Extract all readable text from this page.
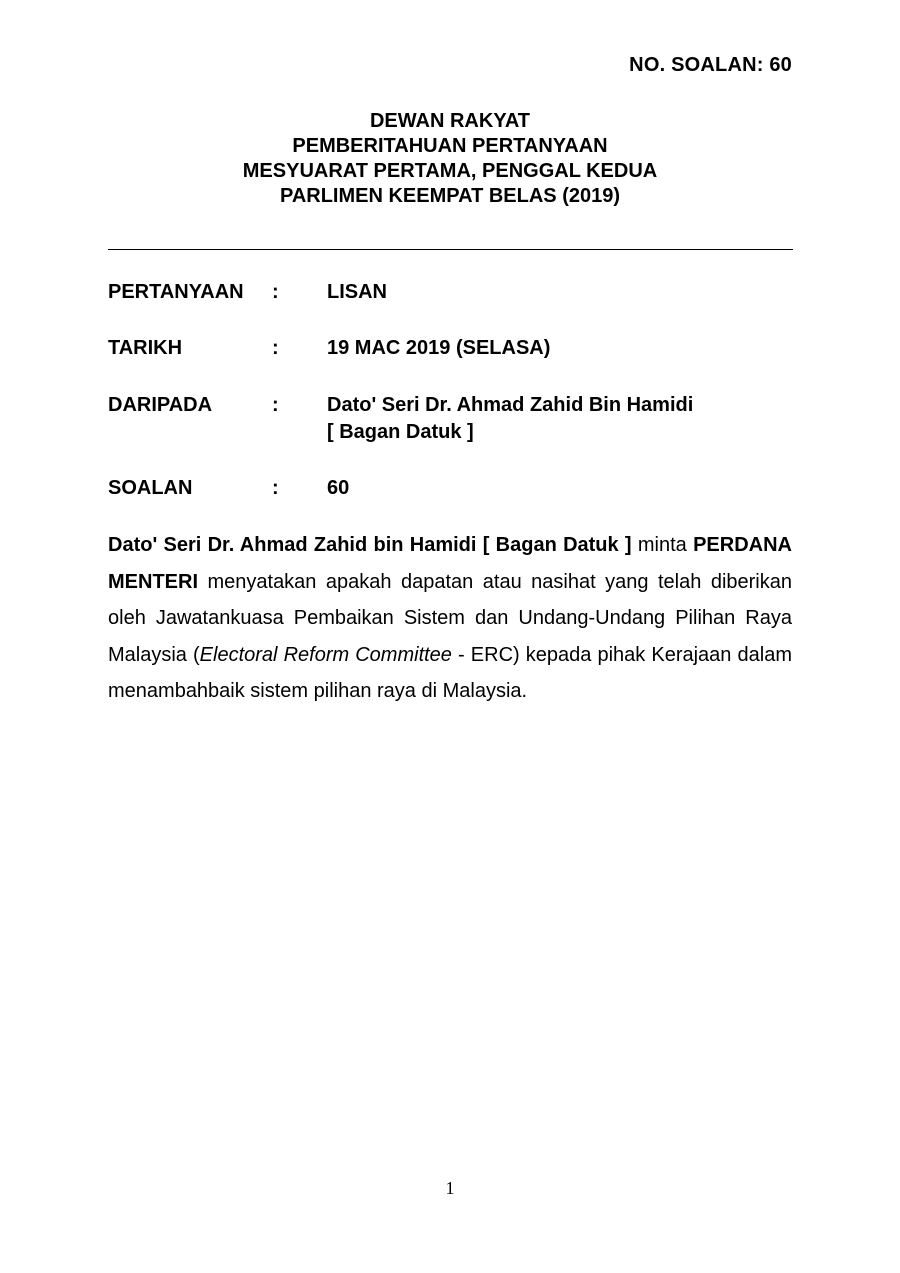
NO. SOALAN: 60
DEWAN RAKYAT
PEMBERITAHUAN PERTANYAAN
MESYUARAT PERTAMA, PENGGAL KEDUA
PARLIMEN KEEMPAT BELAS (2019)
PERTANYAAN : LISAN
TARIKH	: 19 MAC 2019 (SELASA)
DARIPADA	: Dato' Seri Dr. Ahmad Zahid Bin Hamidi
[ Bagan Datuk ]
SOALAN	: 60
Dato' Seri Dr. Ahmad Zahid bin Hamidi [ Bagan Datuk ] minta PERDANA MENTERI menyatakan apakah dapatan atau nasihat yang telah diberikan oleh Jawatankuasa Pembaikan Sistem dan Undang-Undang Pilihan Raya Malaysia (Electoral Reform Committee - ERC) kepada pihak Kerajaan dalam menambahbaik sistem pilihan raya di Malaysia.
1
